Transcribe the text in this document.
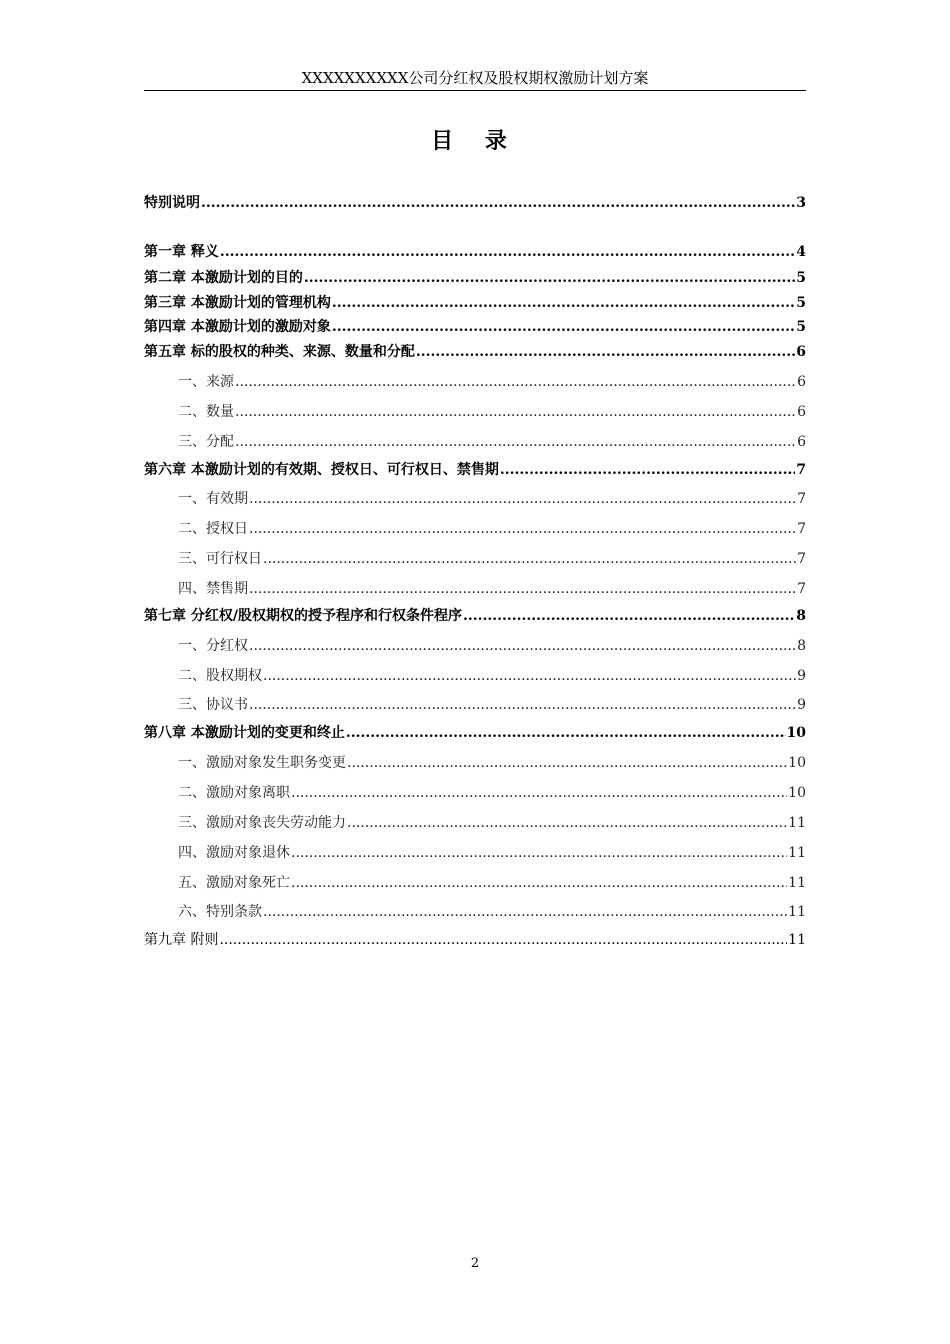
XXXXXXXXXX公司分红权及股权期权激励计划方案
目 录
特别说明 .....	3
第一章 释义 .....	4
第二章 本激励计划的目的 .....	5
第三章 本激励计划的管理机构 .....	5
第四章 本激励计划的激励对象 .....	5
第五章 标的股权的种类、来源、数量和分配 .....	6
一、来源 .....	6
二、数量 .....	6
三、分配 .....	6
第六章 本激励计划的有效期、授权日、可行权日、禁售期 .....	7
一、有效期 .....	7
二、授权日 .....	7
三、可行权日 .....	7
四、禁售期 .....	7
第七章 分红权/股权期权的授予程序和行权条件程序 .....	8
一、分红权 .....	8
二、股权期权 .....	9
三、协议书 .....	9
第八章 本激励计划的变更和终止 .....	10
一、激励对象发生职务变更 .....	10
二、激励对象离职 .....	10
三、激励对象丧失劳动能力 .....	11
四、激励对象退休 .....	11
五、激励对象死亡 .....	11
六、特别条款 .....	11
第九章 附则 .....	11
2
